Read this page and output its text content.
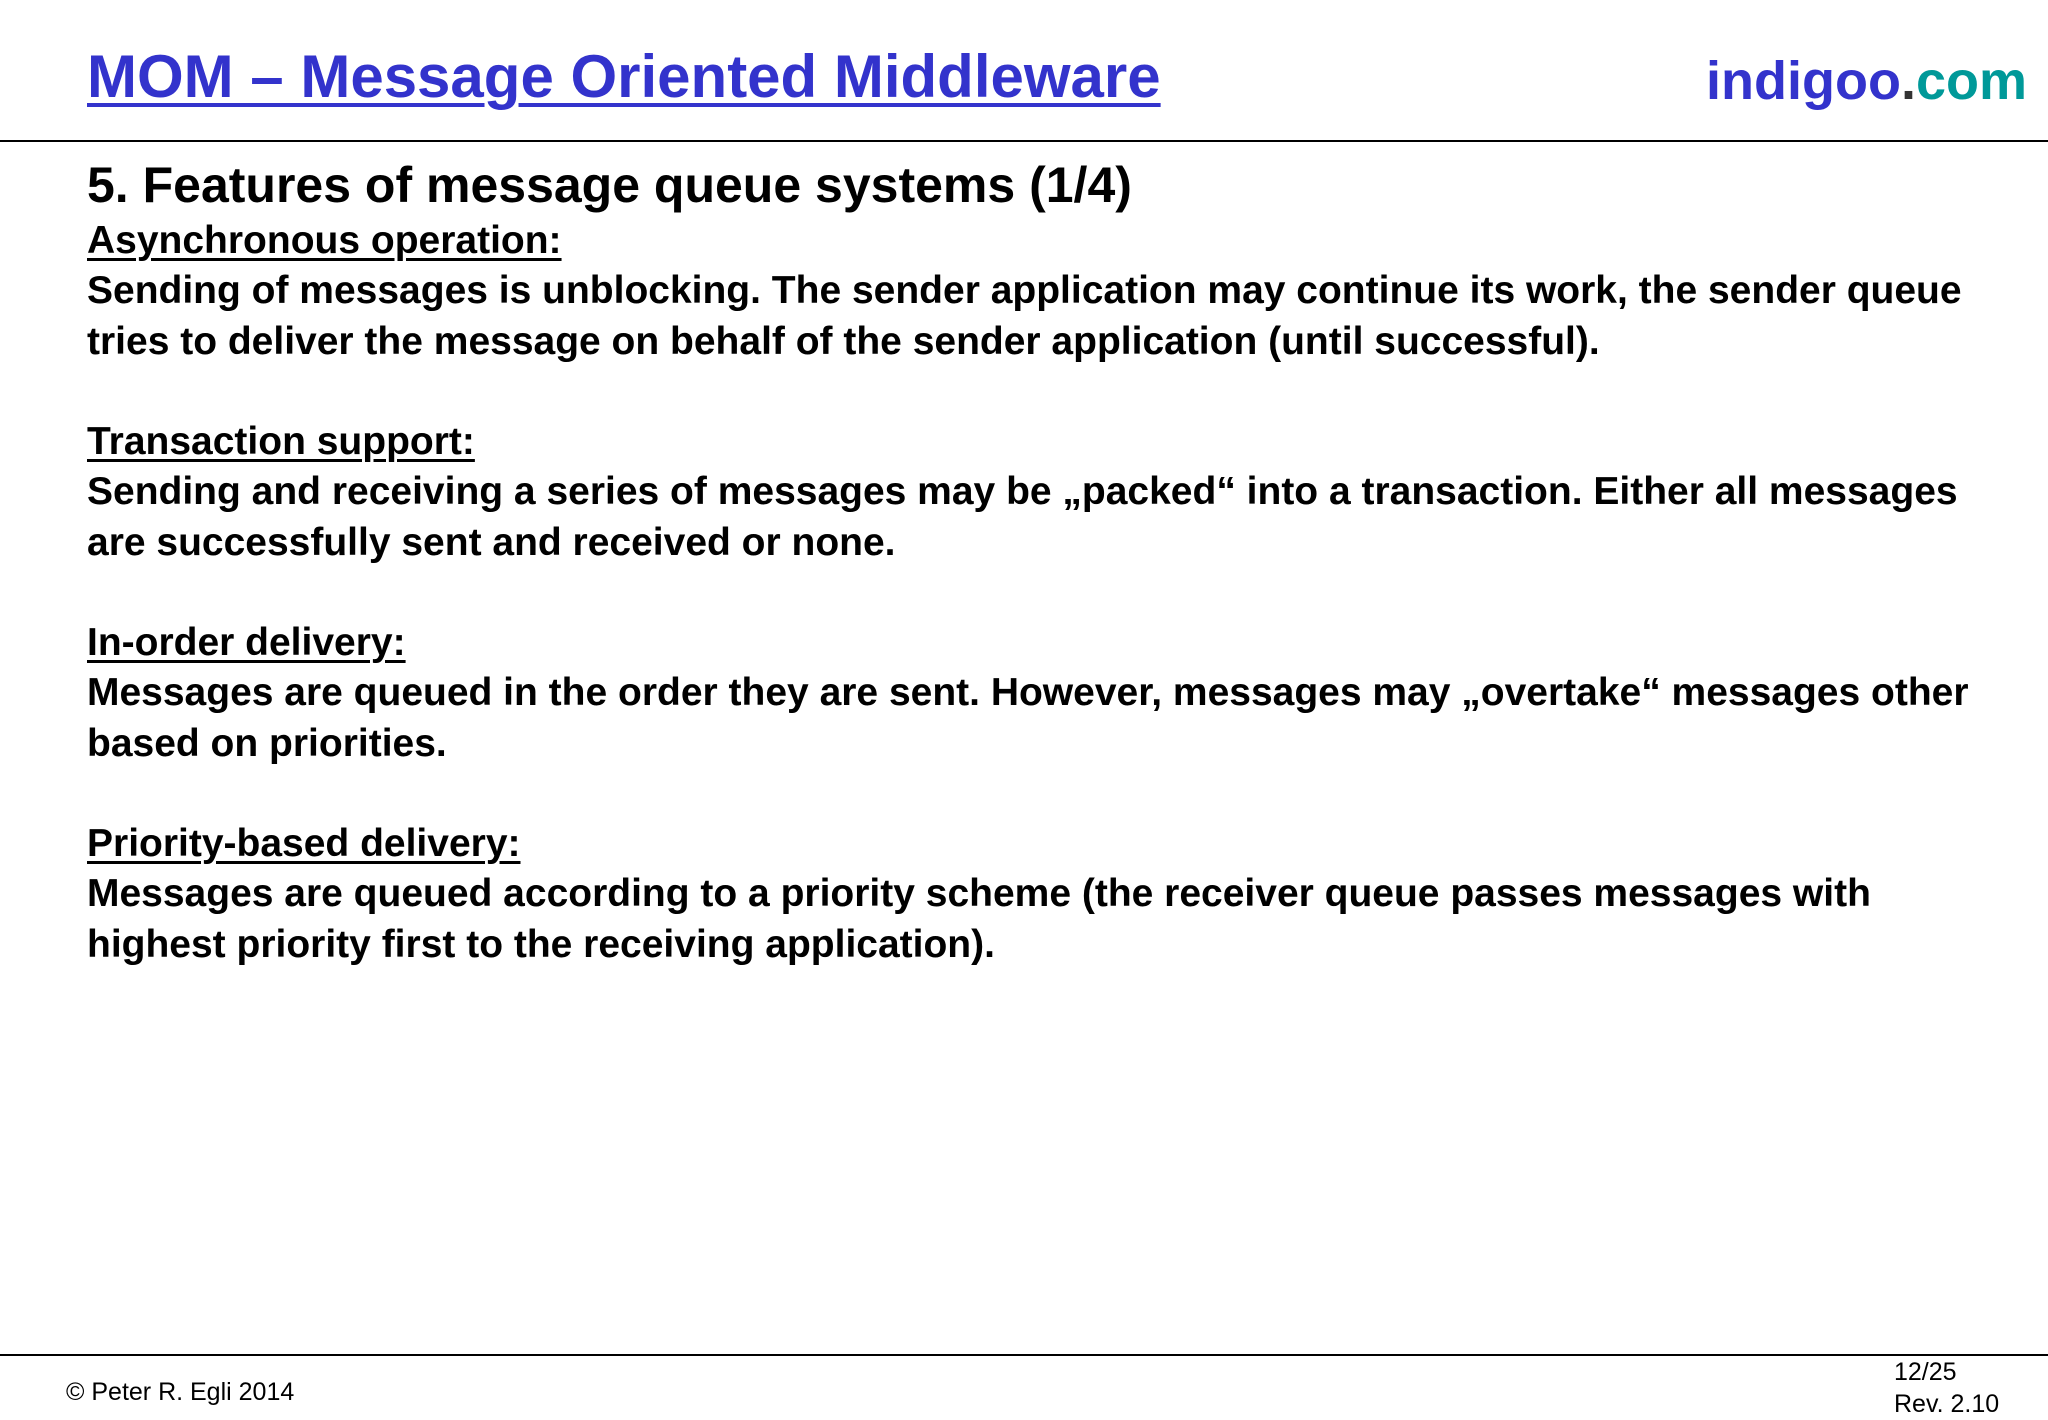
MOM – Message Oriented Middleware	indigoo.com
5. Features of message queue systems (1/4)
Asynchronous operation:
Sending of messages is unblocking. The sender application may continue its work, the sender queue tries to deliver the message on behalf of the sender application (until successful).
Transaction support:
Sending and receiving a series of messages may be „packed“ into a transaction. Either all messages are successfully sent and received or none.
In-order delivery:
Messages are queued in the order they are sent. However, messages may „overtake“ messages other based on priorities.
Priority-based delivery:
Messages are queued according to a priority scheme (the receiver queue passes messages with highest priority first to the receiving application).
© Peter R. Egli 2014
12/25
Rev. 2.10
